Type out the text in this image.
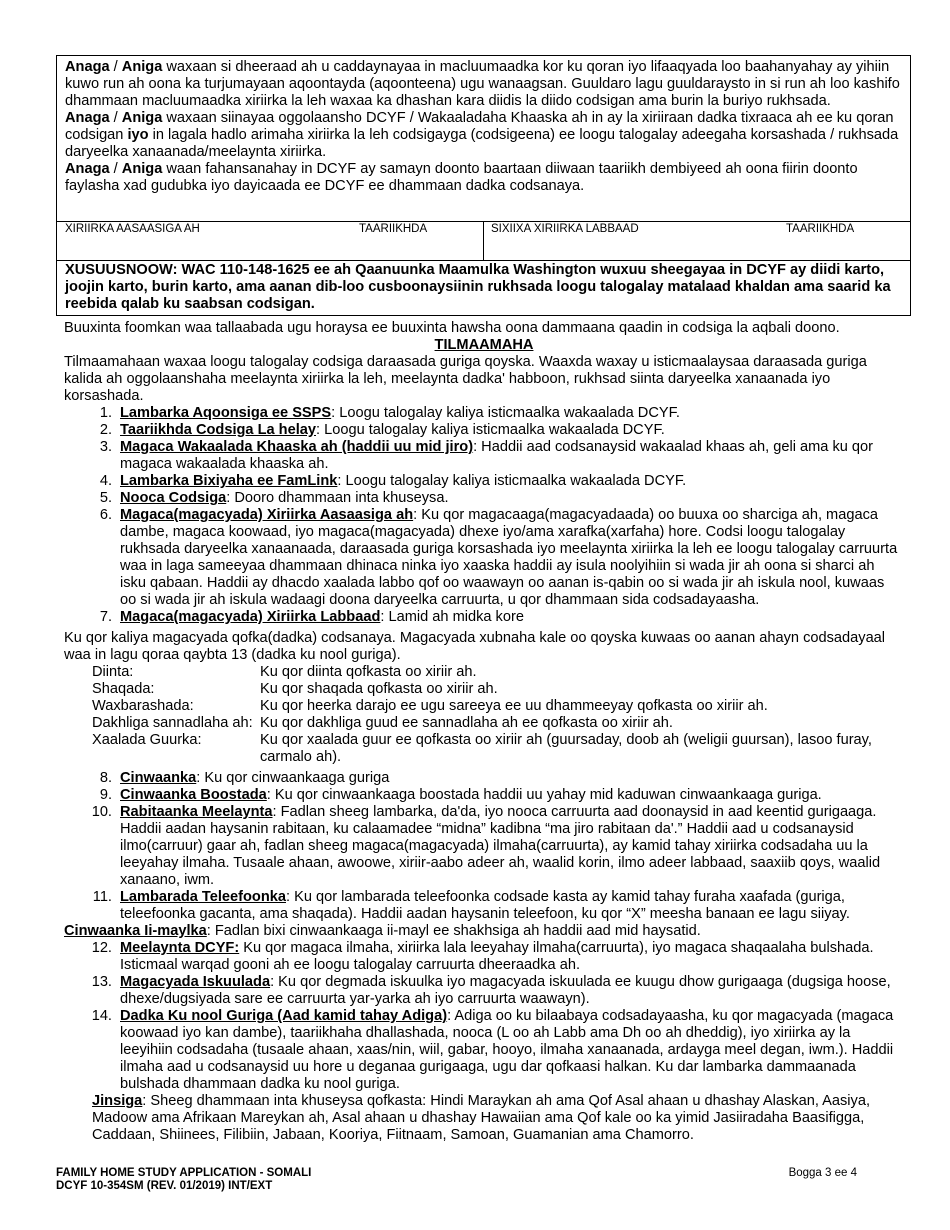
Anaga / Aniga waxaan si dheeraad ah u caddaynayaa in macluumaadka kor ku qoran iyo lifaaqyada loo baahanyahay ay yihiin kuwo run ah oona ka turjumayaan aqoontayda (aqoonteena) ugu wanaagsan. Guuldaro lagu guuldaraysto in si run ah loo kashifo dhammaan macluumaadka xiriirka la leh waxaa ka dhashan kara diidis la diido codsigan ama burin la buriyo rukhsada.

Anaga / Aniga waxaan siinayaa oggolaansho DCYF / Wakaaladaha Khaaska ah in ay la xiriiraan dadka tixraaca ah ee ku qoran codsigan iyo in lagala hadlo arimaha xiriirka la leh codsigayga (codsigeena) ee loogu talogalay adeegaha korsashada / rukhsada daryeelka xanaanada/meelaynta xiriirka.

Anaga / Aniga waan fahansanahay in DCYF ay samayn doonto baartaan diiwaan taariikh dembiyeed ah oona fiirin doonto faylasha xad gudubka iyo dayicaada ee DCYF ee dhammaan dadka codsanaya.

XIRIIRKA AASAASIGA AH	TAARIIKHDA	SIXIIXA XIRIIRKA LABBAAD	TAARIIKHDA
XUSUUSNOOW: WAC 110-148-1625 ee ah Qaanuunka Maamulka Washington wuxuu sheegayaa in DCYF ay diidi karto, joojin karto, burin karto, ama aanan dib-loo cusboonaysiinin rukhsada loogu talogalay matalaad khaldan ama saarid ka reebida qalab ku saabsan codsigan.

Buuxinta foomkan waa tallaabada ugu horaysa ee buuxinta hawsha oona dammaana qaadin in codsiga la aqbali doono.

TILMAAMAHA

Tilmaamahaan waxaa loogu talogalay codsiga daraasada guriga qoyska. Waaxda waxay u isticmaalaysaa daraasada guriga kalida ah oggolaanshaha meelaynta xiriirka la leh, meelaynta dadka' habboon, rukhsad siinta daryeelka xanaanada iyo korsashada.

1. Lambarka Aqoonsiga ee SSPS: Loogu talogalay kaliya isticmaalka wakaalada DCYF.
2. Taariikhda Codsiga La helay: Loogu talogalay kaliya isticmaalka wakaalada DCYF.
3. Magaca Wakaalada Khaaska ah (haddii uu mid jiro): Haddii aad codsanaysid wakaalad khaas ah, geli ama ku qor magaca wakaalada khaaska ah.
4. Lambarka Bixiyaha ee FamLink: Loogu talogalay kaliya isticmaalka wakaalada DCYF.
5. Nooca Codsiga: Dooro dhammaan inta khuseysa.
6. Magaca(magacyada) Xiriirka Aasaasiga ah: Ku qor magacaaga(magacyadaada) oo buuxa oo sharciga ah, magaca dambe, magaca koowaad, iyo magaca(magacyada) dhexe iyo/ama xarafka(xarfaha) hore. Codsi loogu talogalay rukhsada daryeelka xanaanaada, daraasada guriga korsashada iyo meelaynta xiriirka la leh ee loogu talogalay carruurta waa in laga sameeyaa dhammaan dhinaca ninka iyo xaaska haddii ay isula noolyihiin si wada jir ah oona si sharci ah isku qabaan. Haddii ay dhacdo xaalada labbo qof oo waawayn oo aanan is-qabin oo si wada jir ah iskula nool, kuwaas oo si wada jir ah iskula wadaagi doona daryeelka carruurta, u qor dhammaan sida codsadayaasha.
7. Magaca(magacyada) Xiriirka Labbaad: Lamid ah midka kore

Ku qor kaliya magacyada qofka(dadka) codsanaya. Magacyada xubnaha kale oo qoyska kuwaas oo aanan ahayn codsadayaal waa in lagu qoraa qaybta 13 (dadka ku nool guriga).

Diinta:	Ku qor diinta qofkasta oo xiriir ah.
Shaqada:	Ku qor shaqada qofkasta oo xiriir ah.
Waxbarashada:	Ku qor heerka darajo ee ugu sareeya ee uu dhammeeyay qofkasta oo xiriir ah.
Dakhliga sannadlaha ah: Ku qor dakhliga guud ee sannadlaha ah ee qofkasta oo xiriir ah.
Xaalada Guurka:	Ku qor xaalada guur ee qofkasta oo xiriir ah (guursaday, doob ah (weligii guursan), lasoo furay, carmalo ah).
8. Cinwaanka: Ku qor cinwaankaaga guriga
9. Cinwaanka Boostada: Ku qor cinwaankaaga boostada haddii uu yahay mid kaduwan cinwaankaaga guriga.
10. Rabitaanka Meelaynta: Fadlan sheeg lambarka, da'da, iyo nooca carruurta aad doonaysid in aad keentid gurigaaga. Haddii aadan haysanin rabitaan, ku calaamadee “midna” kadibna “ma jiro rabitaan da'.” Haddii aad u codsanaysid ilmo(carruur) gaar ah, fadlan sheeg magaca(magacyada) ilmaha(carruurta), ay kamid tahay xiriirka codsadaha uu la leeyahay ilmaha. Tusaale ahaan, awoowe, xiriir-aabo adeer ah, waalid korin, ilmo adeer labbaad, saaxiib qoys, waalid xanaano, iwm.
11. Lambarada Teleefoonka: Ku qor lambarada teleefoonka codsade kasta ay kamid tahay furaha xaafada (guriga, teleefoonka gacanta, ama shaqada). Haddii aadan haysanin teleefoon, ku qor “X” meesha banaan ee lagu siiyay.

Cinwaanka Ii-maylka: Fadlan bixi cinwaankaaga ii-mayl ee shakhsiga ah haddii aad mid haysatid.

12. Meelaynta DCYF: Ku qor magaca ilmaha, xiriirka lala leeyahay ilmaha(carruurta), iyo magaca shaqaalaha bulshada. Isticmaal warqad gooni ah ee loogu talogalay carruurta dheeraadka ah.
13. Magacyada Iskuulada: Ku qor degmada iskuulka iyo magacyada iskuulada ee kuugu dhow gurigaaga (dugsiga hoose, dhexe/dugsiyada sare ee carruurta yar-yarka ah iyo carruurta waawayn).
14. Dadka Ku nool Guriga (Aad kamid tahay Adiga): Adiga oo ku bilaabaya codsadayaasha, ku qor magacyada (magaca koowaad iyo kan dambe), taariikhaha dhallashada, nooca (L oo ah Labb ama Dh oo ah dheddig), iyo xiriirka ay la leeyihiin codsadaha (tusaale ahaan, xaas/nin, wiil, gabar, hooyo, ilmaha xanaanada, ardayga meel degan, iwm.). Haddii ilmaha aad u codsanaysid uu hore u deganaa gurigaaga, ugu dar qofkaasi halkan. Ku dar lambarka dammaanada bulshada dhammaan dadka ku nool guriga.

Jinsiga: Sheeg dhammaan inta khuseysa qofkasta: Hindi Maraykan ah ama Qof Asal ahaan u dhashay Alaskan, Aasiya, Madoow ama Afrikaan Mareykan ah, Asal ahaan u dhashay Hawaiian ama Qof kale oo ka yimid Jasiiradaha Baasifigga, Caddaan, Shiinees, Filibiin, Jabaan, Kooriya, Fiitnaam, Samoan, Guamanian ama Chamorro.

FAMILY HOME STUDY APPLICATION - SOMALI
DCYF 10-354SM (REV. 01/2019) INT/EXT
Bogga 3 ee 4
